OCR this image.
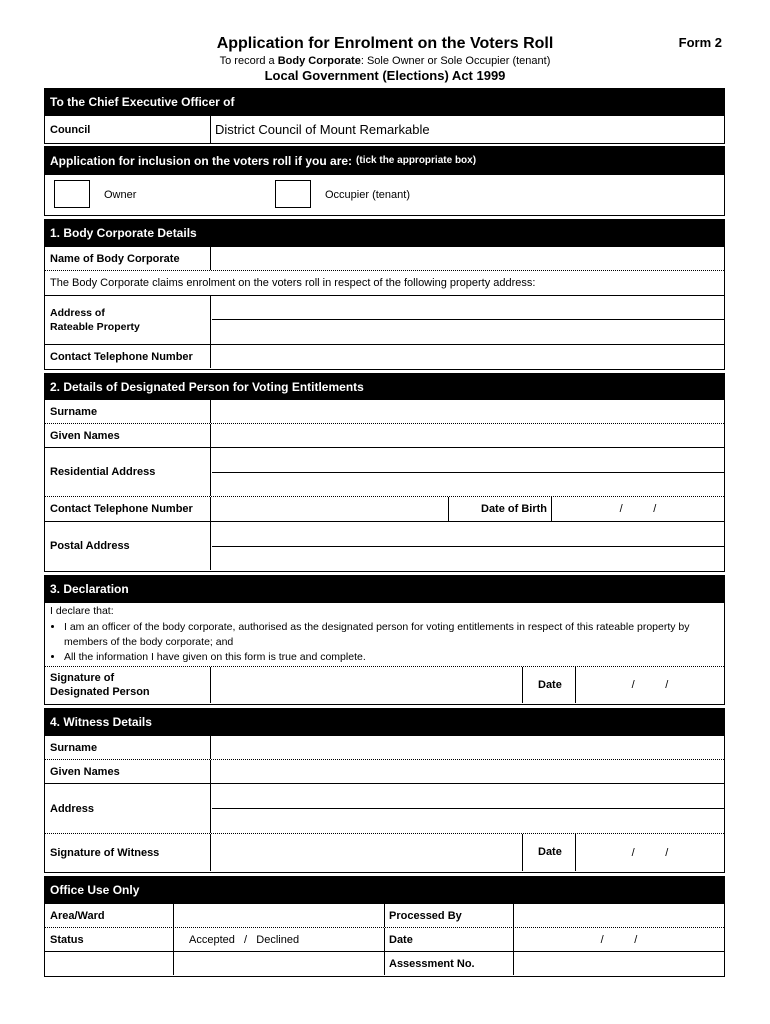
Application for Enrolment on the Voters Roll	Form 2
To record a Body Corporate: Sole Owner or Sole Occupier (tenant)
Local Government (Elections) Act 1999
To the Chief Executive Officer of
Council	District Council of Mount Remarkable
Application for inclusion on the voters roll if you are: (tick the appropriate box)
Owner	Occupier (tenant)
1. Body Corporate Details
Name of Body Corporate
The Body Corporate claims enrolment on the voters roll in respect of the following property address:
Address of
Rateable Property
Contact Telephone Number
2. Details of Designated Person for Voting Entitlements
Surname
Given Names
Residential Address
Contact Telephone Number	Date of Birth	/          /
Postal Address
3. Declaration
I declare that:
• I am an officer of the body corporate, authorised as the designated person for voting entitlements in respect of this rateable property by members of the body corporate; and
• All the information I have given on this form is true and complete.
Signature of
Designated Person
Date	/          /
4. Witness Details
Surname
Given Names
Address
Signature of Witness	Date	/          /
Office Use Only
Area/Ward	Processed By
Status	Accepted   /   Declined	Date	/          /
Assessment No.
